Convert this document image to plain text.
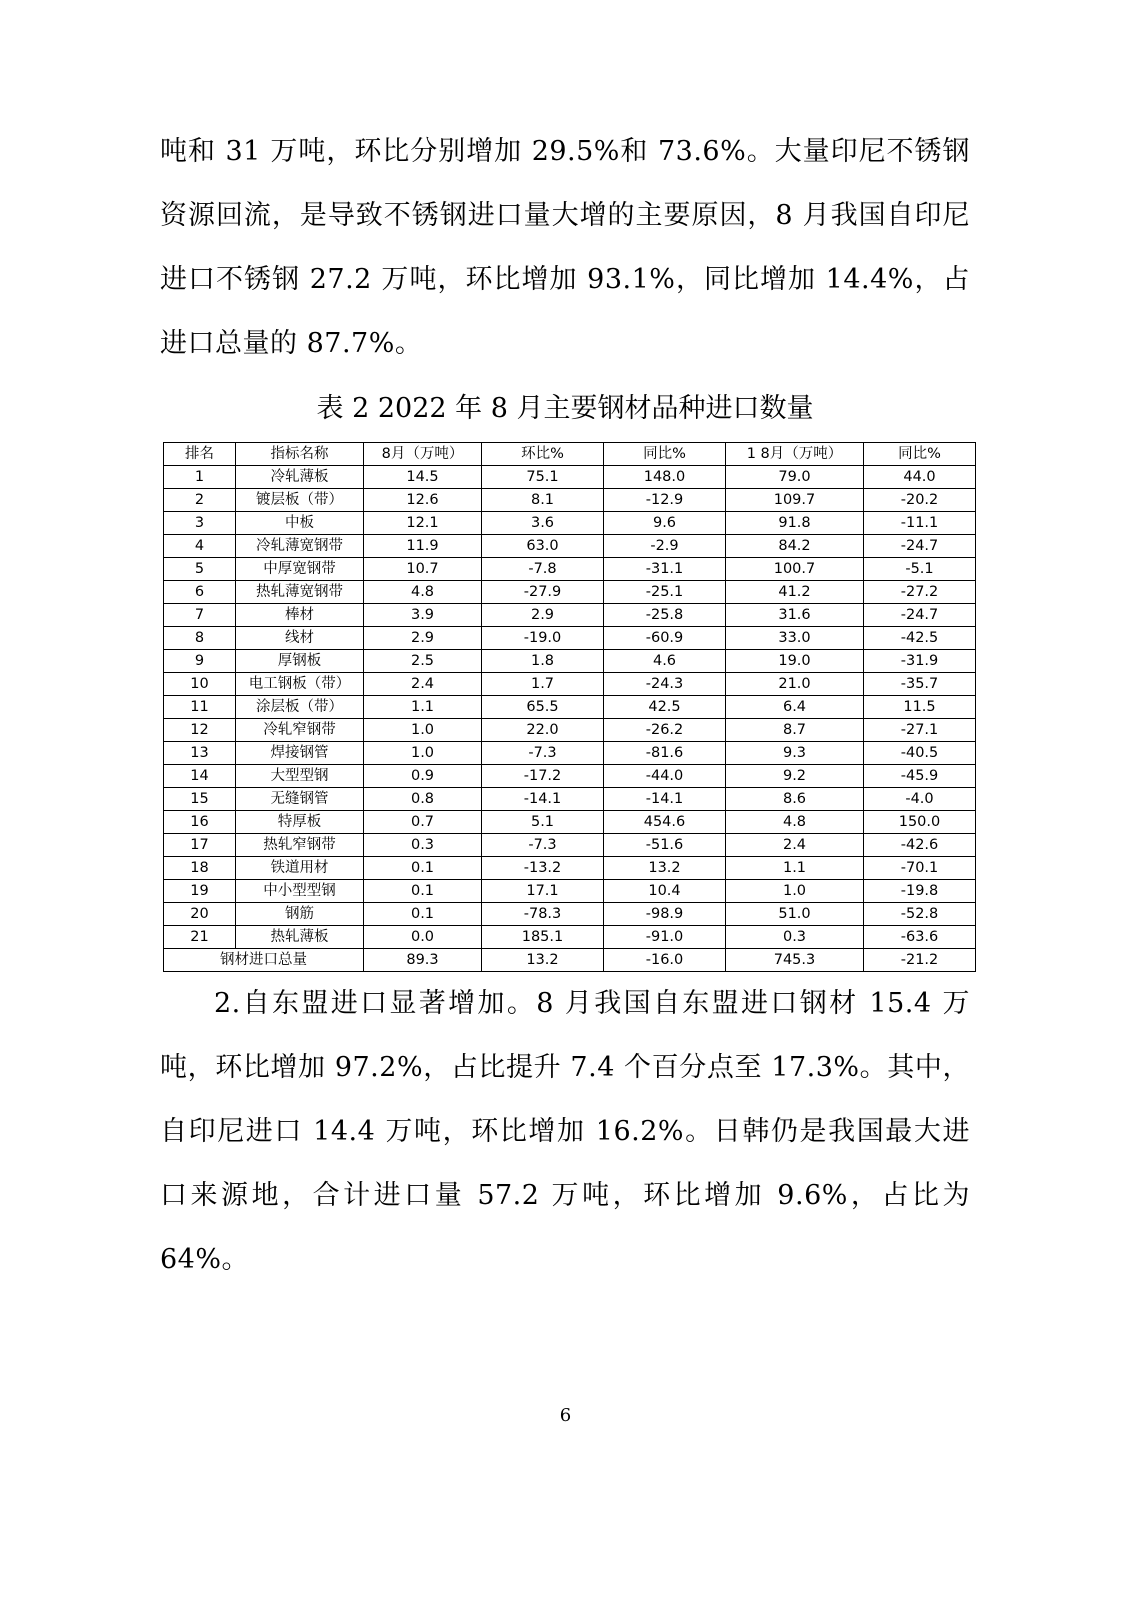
吨和 31 万吨，环比分别增加 29.5%和 73.6%。大量印尼不锈钢资源回流，是导致不锈钢进口量大增的主要原因，8 月我国自印尼进口不锈钢 27.2 万吨，环比增加 93.1%，同比增加 14.4%，占进口总量的 87.7%。

表 2 2022 年 8 月主要钢材品种进口数量
排名	指标名称	8月（万吨）	环比%	同比%	1 8月（万吨）	同比%
1	冷轧薄板	14.5	75.1	148.0	79.0	44.0
2	镀层板（带）	12.6	8.1	-12.9	109.7	-20.2
3	中板	12.1	3.6	9.6	91.8	-11.1
4	冷轧薄宽钢带	11.9	63.0	-2.9	84.2	-24.7
5	中厚宽钢带	10.7	-7.8	-31.1	100.7	-5.1
6	热轧薄宽钢带	4.8	-27.9	-25.1	41.2	-27.2
7	棒材	3.9	2.9	-25.8	31.6	-24.7
8	线材	2.9	-19.0	-60.9	33.0	-42.5
9	厚钢板	2.5	1.8	4.6	19.0	-31.9
10	电工钢板（带）	2.4	1.7	-24.3	21.0	-35.7
11	涂层板（带）	1.1	65.5	42.5	6.4	11.5
12	冷轧窄钢带	1.0	22.0	-26.2	8.7	-27.1
13	焊接钢管	1.0	-7.3	-81.6	9.3	-40.5
14	大型型钢	0.9	-17.2	-44.0	9.2	-45.9
15	无缝钢管	0.8	-14.1	-14.1	8.6	-4.0
16	特厚板	0.7	5.1	454.6	4.8	150.0
17	热轧窄钢带	0.3	-7.3	-51.6	2.4	-42.6
18	铁道用材	0.1	-13.2	13.2	1.1	-70.1
19	中小型型钢	0.1	17.1	10.4	1.0	-19.8
20	钢筋	0.1	-78.3	-98.9	51.0	-52.8
21	热轧薄板	0.0	185.1	-91.0	0.3	-63.6
钢材进口总量		89.3	13.2	-16.0	745.3	-21.2

2.自东盟进口显著增加。8 月我国自东盟进口钢材 15.4 万吨，环比增加 97.2%，占比提升 7.4 个百分点至 17.3%。其中，自印尼进口 14.4 万吨，环比增加 16.2%。日韩仍是我国最大进口来源地，合计进口量 57.2 万吨，环比增加 9.6%，占比为 64%。

6
